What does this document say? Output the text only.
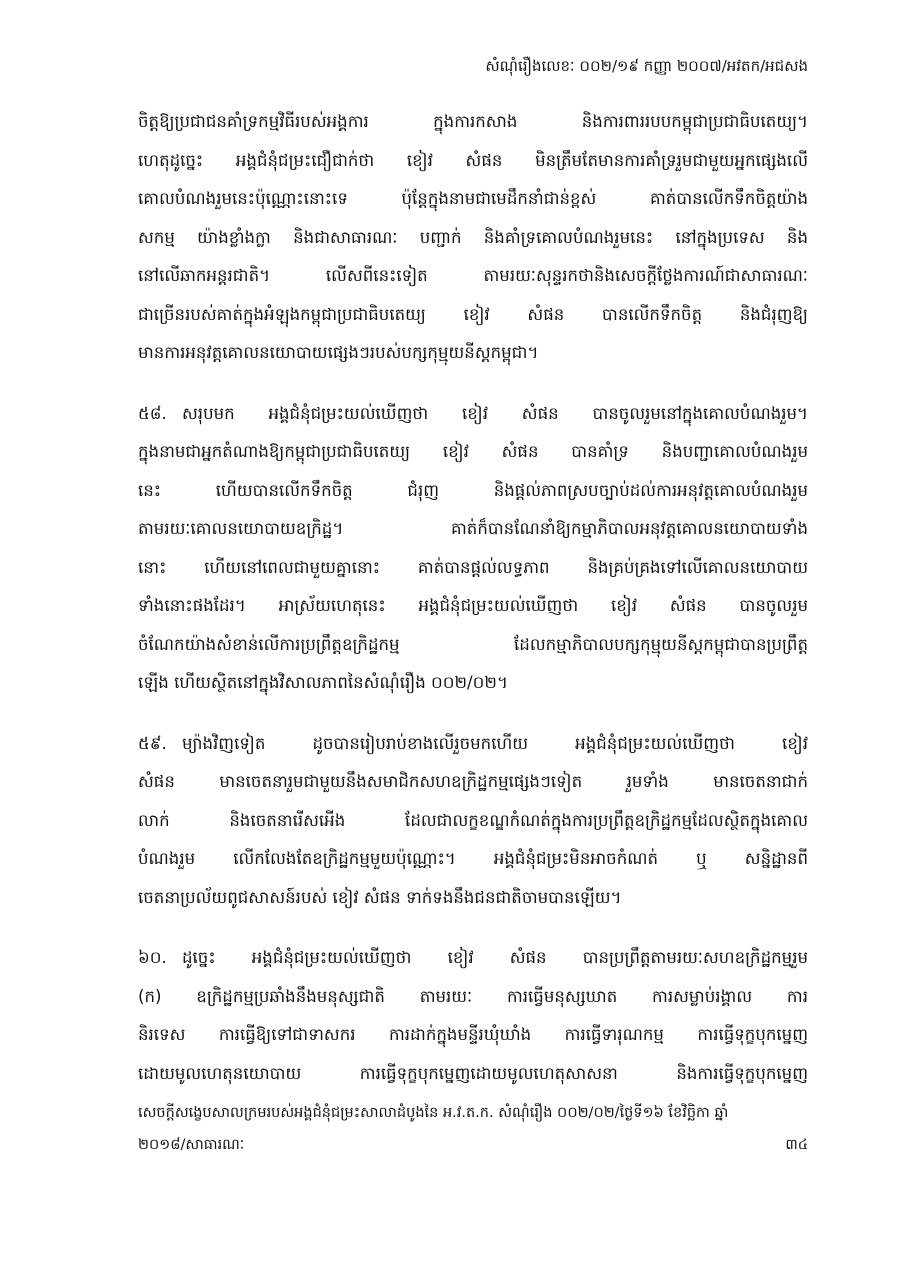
សំណុំរឿងលេខៈ ០០២/១៩ កញ្ញា ២០០៧/អវតក/អជសង
ចិត្តឱ្យប្រជាជនគាំទ្រកម្មវិធីរបស់អង្គការ ក្នុងការកសាង និងការពាររបបកម្ពុជាប្រជាធិបតេយ្យ។
ហេតុដូច្នេះ អង្គជំនុំជម្រះជឿជាក់ថា ខៀវ សំផន មិនត្រឹមតែមានការគាំទ្ររួមជាមួយអ្នកផ្សេងលើ
គោលបំណងរួមនេះប៉ុណ្ណោះនោះទេ ប៉ុន្តែក្នុងនាមជាមេដឹកនាំជាន់ខ្ពស់ គាត់បានលើកទឹកចិត្តយ៉ាង
សកម្ម យ៉ាងខ្លាំងក្លា និងជាសាធារណៈ បញ្ជាក់ និងគាំទ្រគោលបំណងរួមនេះ នៅក្នុងប្រទេស និង
នៅលើឆាកអន្តរជាតិ។ លើសពីនេះទៀត តាមរយៈសុន្ទរកថានិងសេចក្តីថ្លែងការណ៍ជាសាធារណៈ
ជាច្រើនរបស់គាត់ក្នុងអំឡុងកម្ពុជាប្រជាធិបតេយ្យ ខៀវ សំផន បានលើកទឹកចិត្ត និងជំរុញឱ្យ
មានការអនុវត្តគោលនយោបាយផ្សេងៗរបស់បក្សកុម្មុយនីស្តកម្ពុជា។
៥៨. សរុបមក អង្គជំនុំជម្រះយល់ឃើញថា ខៀវ សំផន បានចូលរួមនៅក្នុងគោលបំណងរួម។
ក្នុងនាមជាអ្នកតំណាងឱ្យកម្ពុជាប្រជាធិបតេយ្យ ខៀវ សំផន បានគាំទ្រ និងបញ្ជាគោលបំណងរួម
នេះ ហើយបានលើកទឹកចិត្ត ជំរុញ និងផ្តល់ភាពស្របច្បាប់ដល់ការអនុវត្តគោលបំណងរួម
តាមរយៈគោលនយោបាយឧក្រិដ្ឋ។ គាត់ក៏បានណែនាំឱ្យកម្មាភិបាលអនុវត្តគោលនយោបាយទាំង
នោះ ហើយនៅពេលជាមួយគ្នានោះ គាត់បានផ្តល់លទ្ធភាព និងគ្រប់គ្រងទៅលើគោលនយោបាយ
ទាំងនោះផងដែរ។ អាស្រ័យហេតុនេះ អង្គជំនុំជម្រះយល់ឃើញថា ខៀវ សំផន បានចូលរួម
ចំណែកយ៉ាងសំខាន់លើការប្រព្រឹត្តឧក្រិដ្ឋកម្ម ដែលកម្មាភិបាលបក្សកុម្មុយនីស្តកម្ពុជាបានប្រព្រឹត្ត
ឡើង ហើយស្ថិតនៅក្នុងវិសាលភាពនៃសំណុំរឿង ០០២/០២។
៥៩. ម្យ៉ាងវិញទៀត ដូចបានរៀបរាប់ខាងលើរួចមកហើយ អង្គជំនុំជម្រះយល់ឃើញថា ខៀវ
សំផន មានចេតនារួមជាមួយនឹងសមាជិកសហឧក្រិដ្ឋកម្មផ្សេងៗទៀត រួមទាំង មានចេតនាជាក់
លាក់ និងចេតនារើសអើង ដែលជាលក្ខខណ្ឌកំណត់ក្នុងការប្រព្រឹត្តឧក្រិដ្ឋកម្មដែលស្ថិតក្នុងគោល
បំណងរួម លើកលែងតែឧក្រិដ្ឋកម្មមួយប៉ុណ្ណោះ។ អង្គជំនុំជម្រះមិនអាចកំណត់ ឬ សន្និដ្ឋានពី
ចេតនាប្រល័យពូជសាសន៍របស់ ខៀវ សំផន ទាក់ទងនឹងជនជាតិចាមបានឡើយ។
៦០. ដូច្នេះ អង្គជំនុំជម្រះយល់ឃើញថា ខៀវ សំផន បានប្រព្រឹត្តតាមរយៈសហឧក្រិដ្ឋកម្មរួម
(ក) ឧក្រិដ្ឋកម្មប្រឆាំងនឹងមនុស្សជាតិ តាមរយៈ ការធ្វើមនុស្សឃាត ការសម្លាប់រង្គាល ការ
និរទេស ការធ្វើឱ្យទៅជាទាសករ ការដាក់ក្នុងមន្ទីរឃុំឃាំង ការធ្វើទារុណកម្ម ការធ្វើទុក្ខបុកម្នេញ
ដោយមូលហេតុនយោបាយ ការធ្វើទុក្ខបុកម្នេញដោយមូលហេតុសាសនា និងការធ្វើទុក្ខបុកម្នេញ
សេចក្តីសង្ខេបសាលក្រមរបស់អង្គជំនុំជម្រះសាលាដំបូងនៃ អ.វ.ត.ក. សំណុំរឿង ០០២/០២/ថ្ងៃទី១៦ ខែវិច្ឆិកា ឆ្នាំ
២០១៨/សាធារណៈ	៣៤
